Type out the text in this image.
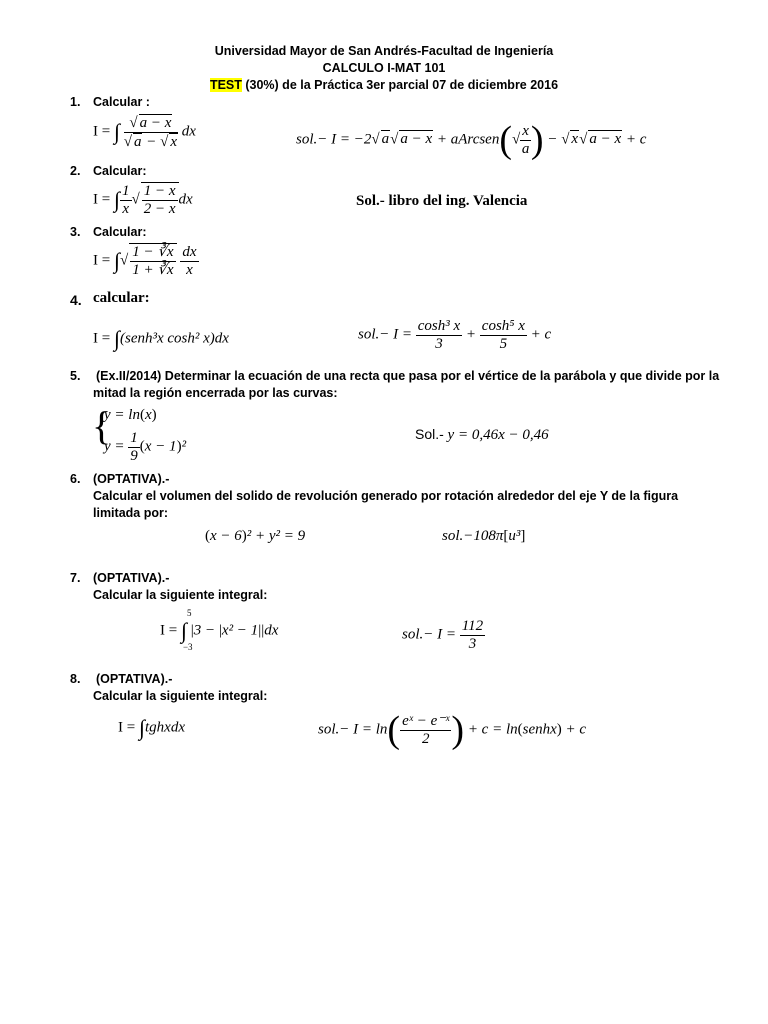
Universidad Mayor de San Andrés-Facultad de Ingeniería
CALCULO I-MAT 101
TEST (30%) de la Práctica 3er parcial 07 de diciembre 2016
1. Calcular :
I = ∫ $\frac{√ a - x}{√ a - √ x}$ dx	sol.− I = −2√ a√ a − x + aArcsen(√ $\frac{x}{a}$ ) − √ x√ a − x + c
2. Calcular:
I = ∫ $\frac{1}{x}$ √ $\frac{1 - x}{2 - x}$ dx	Sol.- libro del ing. Valencia
3. Calcular:
I = ∫√ $\frac{1 - ∛x}{1 + ∛x}$
$\frac{dx}{x}$
4. calcular:
I = ∫(senh³x cosh² x)dx	$sol.- I = \frac{\text{cosh³ x}}{3} + \frac{\text{cosh⁵ x}}{5} + c$
5. (Ex.II/2014) Determinar la ecuación de una recta que pasa por el vértice de la parábola y que divide por la
mitad la región encerrada por las curvas:
{
y = ln(x)
$y = \frac{1}{9} (x - 1)^2$
Sol.- y = 0,46x − 0,46
6. (OPTATIVA).-
Calcular el volumen del solido de revolución generado por rotación alrededor del eje Y de la figura
limitada por:
(x − 6)² + y² = 9	sol.−108π[u³]
7. (OPTATIVA).-
Calcular la siguiente integral:
I = ∫
5
−3
|3 − |x² − 1||dx	$sol.- I = \frac{112}{3}$
8. (OPTATIVA).-
Calcular la siguiente integral:
I = ∫tghxdx	$sol.- I = \ln( \frac{\text{eˣ − e⁻ˣ}}{2}$ ) + c = ln(senhx) + c
